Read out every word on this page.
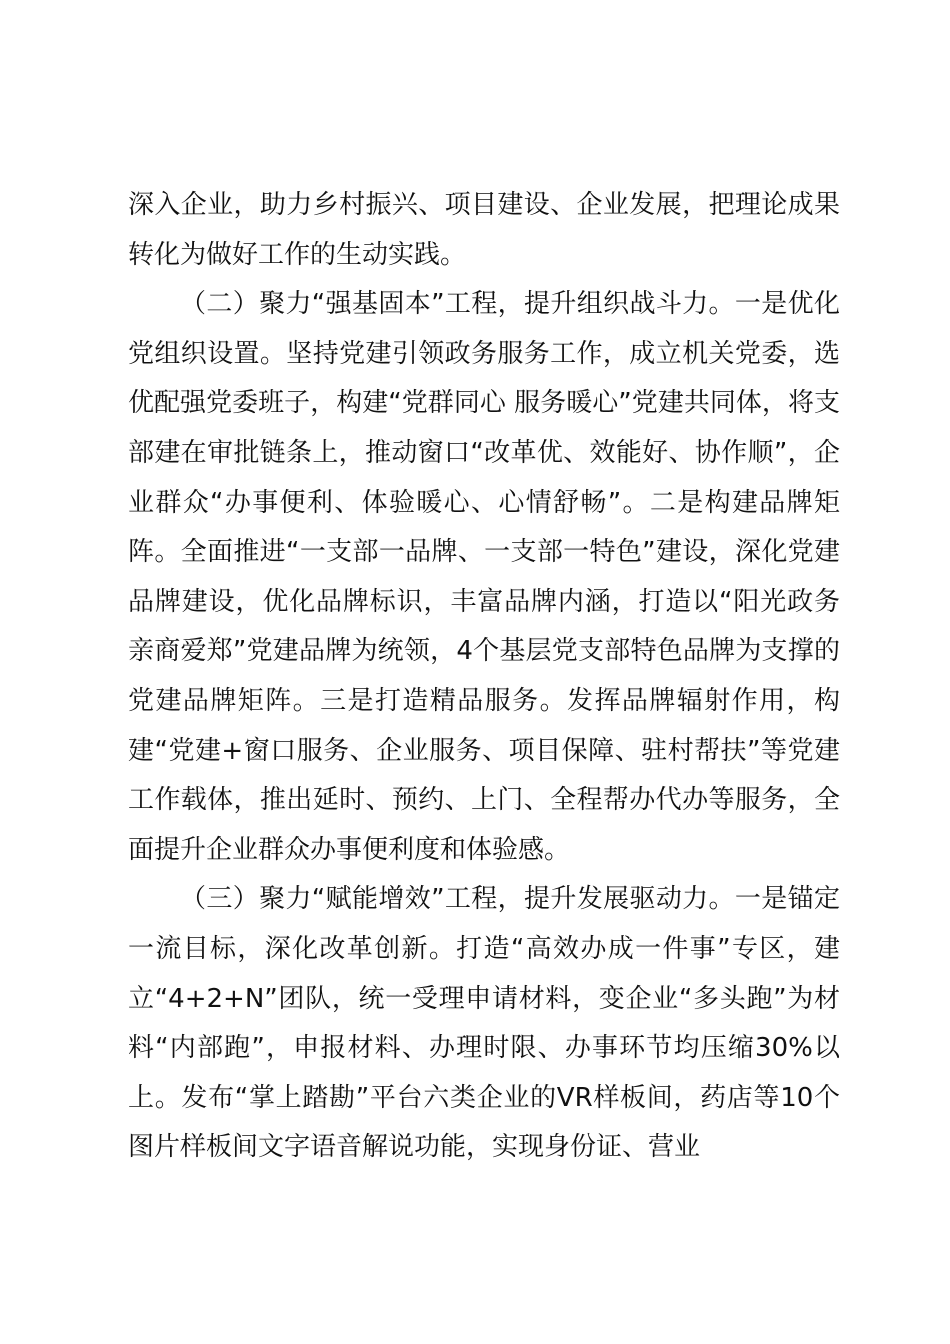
深入企业，助力乡村振兴、项目建设、企业发展，把理论成果转化为做好工作的生动实践。

（二）聚力“强基固本”工程，提升组织战斗力。一是优化党组织设置。坚持党建引领政务服务工作，成立机关党委，选优配强党委班子，构建“党群同心 服务暖心”党建共同体，将支部建在审批链条上，推动窗口“改革优、效能好、协作顺”，企业群众“办事便利、体验暖心、心情舒畅”。二是构建品牌矩阵。全面推进“一支部一品牌、一支部一特色”建设，深化党建品牌建设，优化品牌标识，丰富品牌内涵，打造以“阳光政务 亲商爱郑”党建品牌为统领，4个基层党支部特色品牌为支撑的党建品牌矩阵。三是打造精品服务。发挥品牌辐射作用，构建“党建+窗口服务、企业服务、项目保障、驻村帮扶”等党建工作载体，推出延时、预约、上门、全程帮办代办等服务，全面提升企业群众办事便利度和体验感。

（三）聚力“赋能增效”工程，提升发展驱动力。一是锚定一流目标，深化改革创新。打造“高效办成一件事”专区，建立“4+2+N”团队，统一受理申请材料，变企业“多头跑”为材料“内部跑”，申报材料、办理时限、办事环节均压缩30%以上。发布“掌上踏勘”平台六类企业的VR样板间，药店等10个图片样板间文字语音解说功能，实现身份证、营业
